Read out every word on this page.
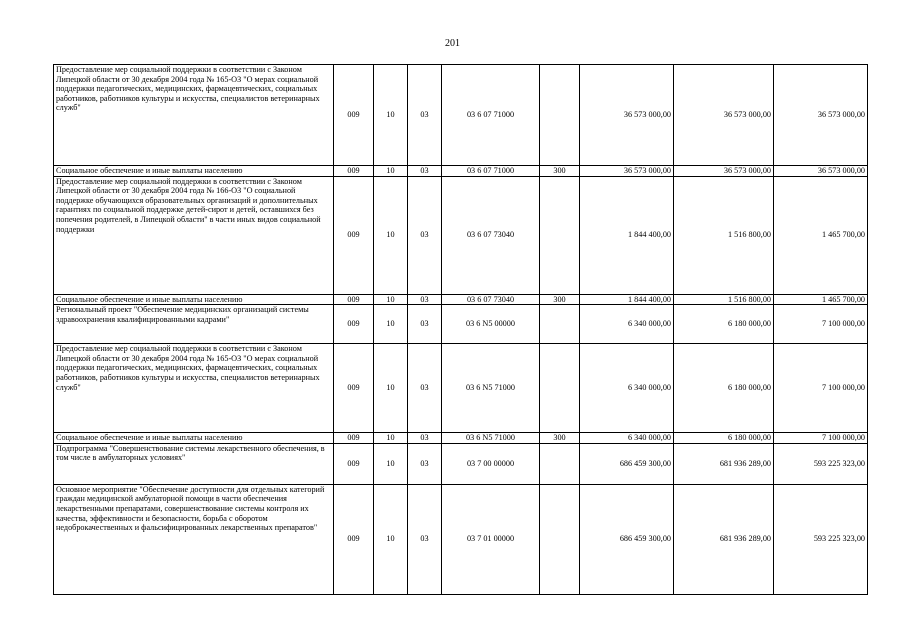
201
Предоставление мер социальной поддержки в соответствии с Законом Липецкой области от 30 декабря 2004 года № 165-ОЗ "О мерах социальной поддержки педагогических, медицинских, фармацевтических, социальных работников, работников культуры и искусства, специалистов ветеринарных служб"	009	10	03	03 6 07 71000		36 573 000,00	36 573 000,00	36 573 000,00
Социальное обеспечение и иные выплаты населению	009	10	03	03 6 07 71000	300	36 573 000,00	36 573 000,00	36 573 000,00
Предоставление мер социальной поддержки в соответствии с Законом Липецкой области от 30 декабря 2004 года № 166-ОЗ "О социальной поддержке обучающихся образовательных организаций и дополнительных гарантиях по социальной поддержке детей-сирот и детей, оставшихся без попечения родителей, в Липецкой области" в части иных видов социальной поддержки	009	10	03	03 6 07 73040		1 844 400,00	1 516 800,00	1 465 700,00
Социальное обеспечение и иные выплаты населению	009	10	03	03 6 07 73040	300	1 844 400,00	1 516 800,00	1 465 700,00
Региональный проект "Обеспечение медицинских организаций системы здравоохранения квалифицированными кадрами"	009	10	03	03 6 N5 00000		6 340 000,00	6 180 000,00	7 100 000,00
Предоставление мер социальной поддержки в соответствии с Законом Липецкой области от 30 декабря 2004 года № 165-ОЗ "О мерах социальной поддержки педагогических, медицинских, фармацевтических, социальных работников, работников культуры и искусства, специалистов ветеринарных служб"	009	10	03	03 6 N5 71000		6 340 000,00	6 180 000,00	7 100 000,00
Социальное обеспечение и иные выплаты населению	009	10	03	03 6 N5 71000	300	6 340 000,00	6 180 000,00	7 100 000,00
Подпрограмма "Совершенствование системы лекарственного обеспечения, в том числе в амбулаторных условиях"	009	10	03	03 7 00 00000		686 459 300,00	681 936 289,00	593 225 323,00
Основное мероприятие "Обеспечение доступности для отдельных категорий граждан медицинской амбулаторной помощи в части обеспечения лекарственными препаратами, совершенствование системы контроля их качества, эффективности и безопасности, борьба с оборотом недоброкачественных и фальсифицированных лекарственных препаратов"	009	10	03	03 7 01 00000		686 459 300,00	681 936 289,00	593 225 323,00
